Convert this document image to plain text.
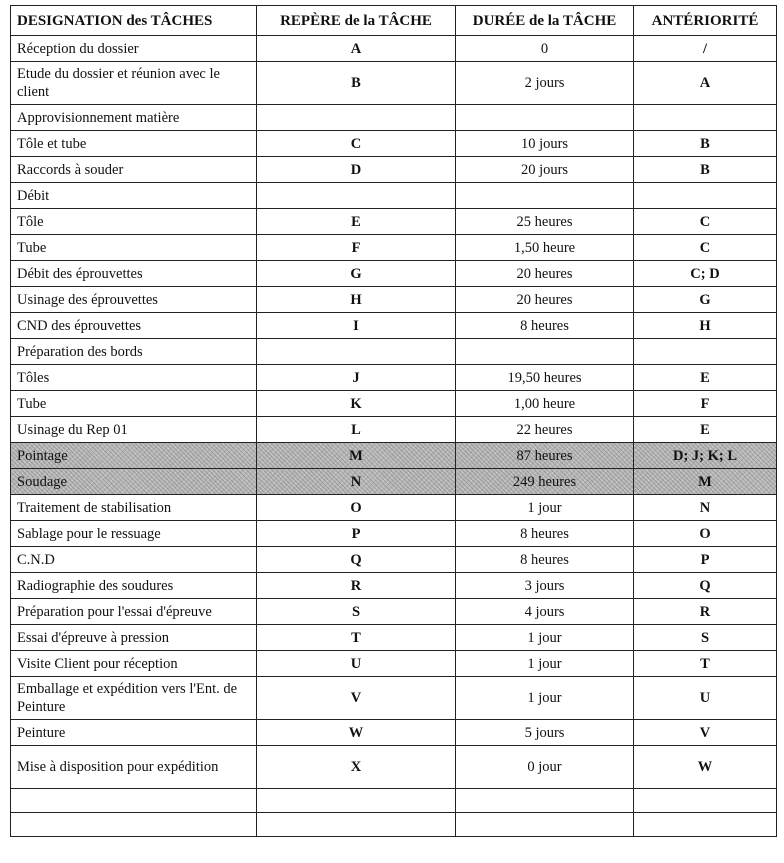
DESIGNATION des TÂCHES	REPÈRE de la TÂCHE	DURÉE de la TÂCHE	ANTÉRIORITÉ
Réception du dossier	A	0	/
Etude du dossier et réunion avec le client	B	2 jours	A
Approvisionnement matière			
Tôle et tube	C	10 jours	B
Raccords à souder	D	20 jours	B
Débit			
Tôle	E	25 heures	C
Tube	F	1,50 heure	C
Débit des éprouvettes	G	20 heures	C; D
Usinage des éprouvettes	H	20 heures	G
CND des éprouvettes	I	8 heures	H
Préparation des bords			
Tôles	J	19,50 heures	E
Tube	K	1,00 heure	F
Usinage du Rep 01	L	22 heures	E
Pointage	M	87 heures	D; J; K; L
Soudage	N	249 heures	M
Traitement de stabilisation	O	1 jour	N
Sablage pour le ressuage	P	8 heures	O
C.N.D	Q	8 heures	P
Radiographie des soudures	R	3 jours	Q
Préparation pour l'essai d'épreuve	S	4 jours	R
Essai d'épreuve à pression	T	1 jour	S
Visite Client pour réception	U	1 jour	T
Emballage et expédition vers l'Ent. de Peinture	V	1 jour	U
Peinture	W	5 jours	V
Mise à disposition pour expédition	X	0 jour	W
